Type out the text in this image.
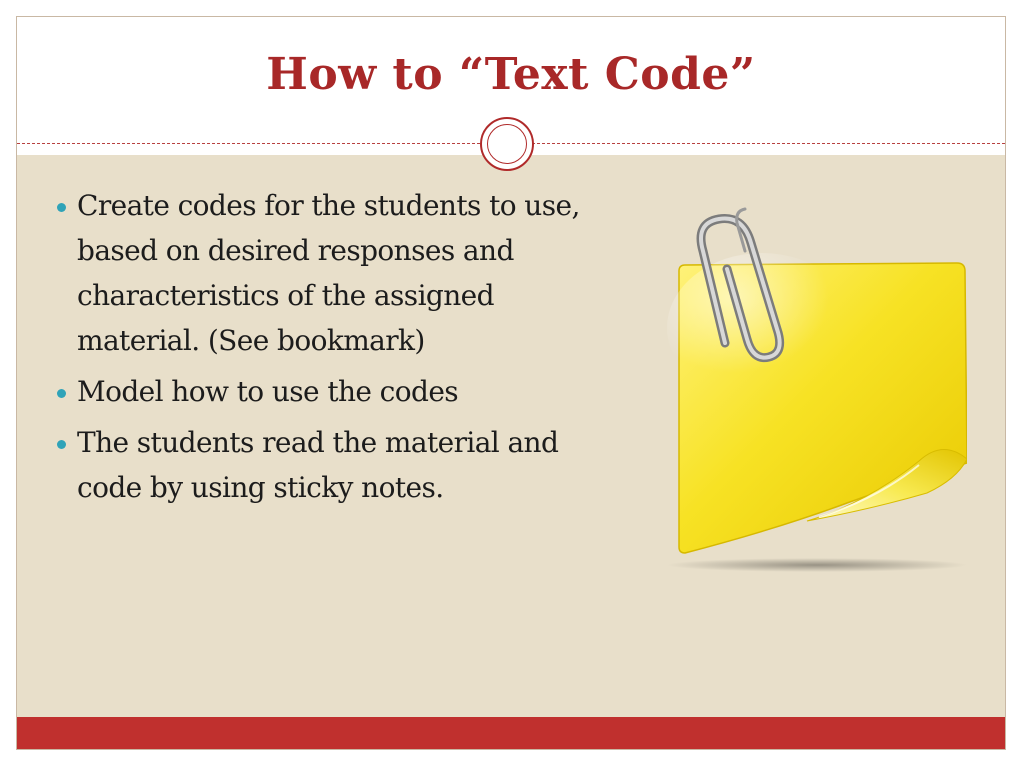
How to “Text Code”
Create codes for the students to use, based on desired responses and characteristics of the assigned material. (See bookmark)
Model how to use the codes
The students read the material and code by using sticky notes.
